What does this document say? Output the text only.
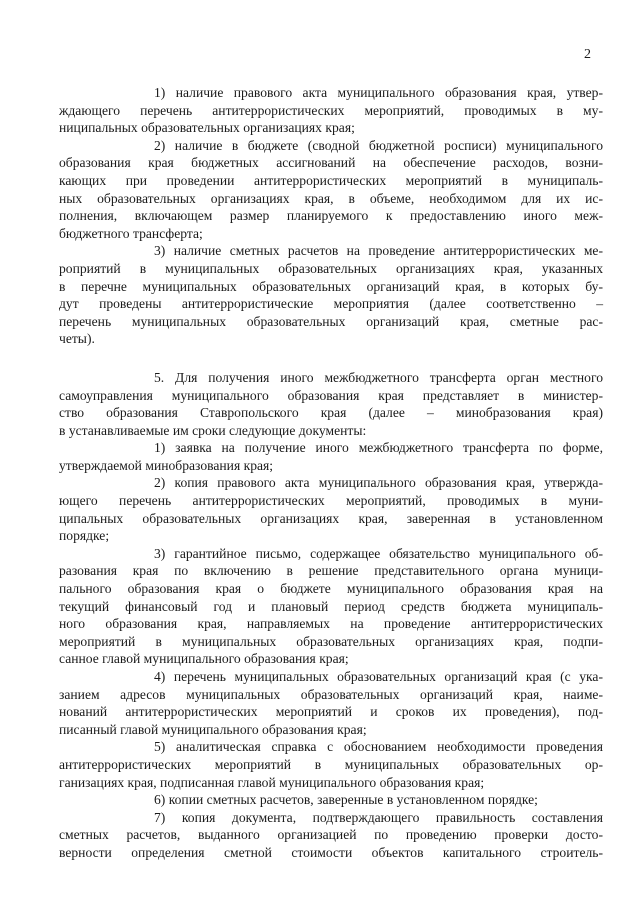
2
1) наличие правового акта муниципального образования края, утвер-
ждающего перечень антитеррористических мероприятий, проводимых в му-
ниципальных образовательных организациях края;
2) наличие в бюджете (сводной бюджетной росписи) муниципального
образования края бюджетных ассигнований на обеспечение расходов, возни-
кающих при проведении антитеррористических мероприятий в муниципаль-
ных образовательных организациях края, в объеме, необходимом для их ис-
полнения, включающем размер планируемого к предоставлению иного меж-
бюджетного трансферта;
3) наличие сметных расчетов на проведение антитеррористических ме-
роприятий в муниципальных образовательных организациях края, указанных
в перечне муниципальных образовательных организаций края, в которых бу-
дут проведены антитеррористические мероприятия (далее соответственно –
перечень муниципальных образовательных организаций края, сметные рас-
четы).
5. Для получения иного межбюджетного трансферта орган местного
самоуправления муниципального образования края представляет в министер-
ство образования Ставропольского края (далее – минобразования края)
в устанавливаемые им сроки следующие документы:
1) заявка на получение иного межбюджетного трансферта по форме,
утверждаемой минобразования края;
2) копия правового акта муниципального образования края, утвержда-
ющего перечень антитеррористических мероприятий, проводимых в муни-
ципальных образовательных организациях края, заверенная в установленном
порядке;
3) гарантийное письмо, содержащее обязательство муниципального об-
разования края по включению в решение представительного органа муници-
пального образования края о бюджете муниципального образования края на
текущий финансовый год и плановый период средств бюджета муниципаль-
ного образования края, направляемых на проведение антитеррористических
мероприятий в муниципальных образовательных организациях края, подпи-
санное главой муниципального образования края;
4) перечень муниципальных образовательных организаций края (с ука-
занием адресов муниципальных образовательных организаций края, наиме-
нований антитеррористических мероприятий и сроков их проведения), под-
писанный главой муниципального образования края;
5) аналитическая справка с обоснованием необходимости проведения
антитеррористических мероприятий в муниципальных образовательных ор-
ганизациях края, подписанная главой муниципального образования края;
6) копии сметных расчетов, заверенные в установленном порядке;
7) копия документа, подтверждающего правильность составления
сметных расчетов, выданного организацией по проведению проверки досто-
верности определения сметной стоимости объектов капитального строитель-
